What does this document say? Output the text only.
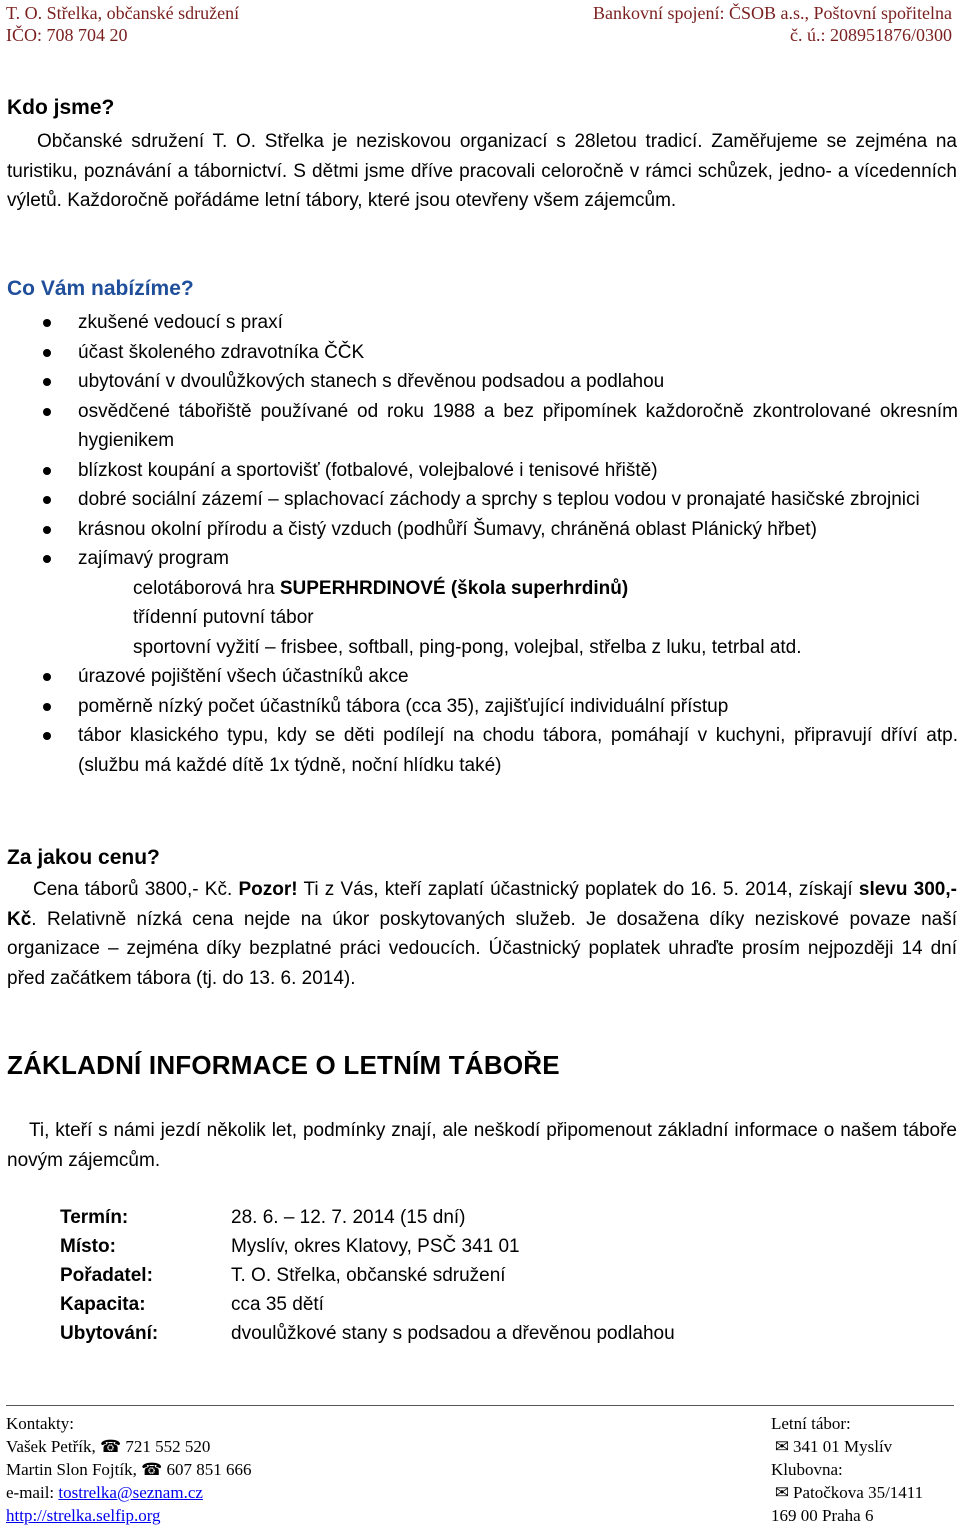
T. O. Střelka, občanské sdružení	Bankovní spojení: ČSOB a.s., Poštovní spořitelna
IČO: 708 704 20	č. ú.: 208951876/0300
Kdo jsme?
Občanské sdružení T. O. Střelka je neziskovou organizací s 28letou tradicí. Zaměřujeme se zejména na turistiku, poznávání a tábornictví. S dětmi jsme dříve pracovali celoročně v rámci schůzek, jedno- a vícedenních výletů. Každoročně pořádáme letní tábory, které jsou otevřeny všem zájemcům.
Co Vám nabízíme?
zkušené vedoucí s praxí
účast školeného zdravotníka ČČK
ubytování v dvoulůžkových stanech s dřevěnou podsadou a podlahou
osvědčené tábořiště používané od roku 1988 a bez připomínek každoročně zkontrolované okresním hygienikem
blízkost koupání a sportovišť (fotbalové, volejbalové i tenisové hřiště)
dobré sociální zázemí – splachovací záchody a sprchy s teplou vodou v pronajaté hasičské zbrojnici
krásnou okolní přírodu a čistý vzduch (podhůří Šumavy, chráněná oblast Plánický hřbet)
zajímavý program
celotáborová hra SUPERHRDINOVÉ (škola superhrdinů)
třídenní putovní tábor
sportovní vyžití – frisbee, softball, ping-pong, volejbal, střelba z luku, tetrbal atd.
úrazové pojištění všech účastníků akce
poměrně nízký počet účastníků tábora (cca 35), zajišťující individuální přístup
tábor klasického typu, kdy se děti podílejí na chodu tábora, pomáhají v kuchyni, připravují dříví atp. (službu má každé dítě 1x týdně, noční hlídku také)
Za jakou cenu?
Cena táborů 3800,- Kč. Pozor! Ti z Vás, kteří zaplatí účastnický poplatek do 16. 5. 2014, získají slevu 300,- Kč. Relativně nízká cena nejde na úkor poskytovaných služeb. Je dosažena díky neziskové povaze naší organizace – zejména díky bezplatné práci vedoucích. Účastnický poplatek uhraďte prosím nejpozději 14 dní před začátkem tábora (tj. do 13. 6. 2014).
ZÁKLADNÍ INFORMACE O LETNÍM TÁBOŘE
Ti, kteří s námi jezdí několik let, podmínky znají, ale neškodí připomenout základní informace o našem táboře novým zájemcům.
Termín:	28. 6. – 12. 7. 2014 (15 dní)
Místo:	Myslív, okres Klatovy, PSČ 341 01
Pořadatel:	T. O. Střelka, občanské sdružení
Kapacita:	cca 35 dětí
Ubytování:	dvoulůžkové stany s podsadou a dřevěnou podlahou
Kontakty:
Vašek Petřík, ☎ 721 552 520
Martin Slon Fojtík, ☎ 607 851 666
e-mail: tostrelka@seznam.cz
http://strelka.selfip.org
Letní tábor:
✉ 341 01 Myslív
Klubovna:
✉ Patočkova 35/1411
169 00 Praha 6
